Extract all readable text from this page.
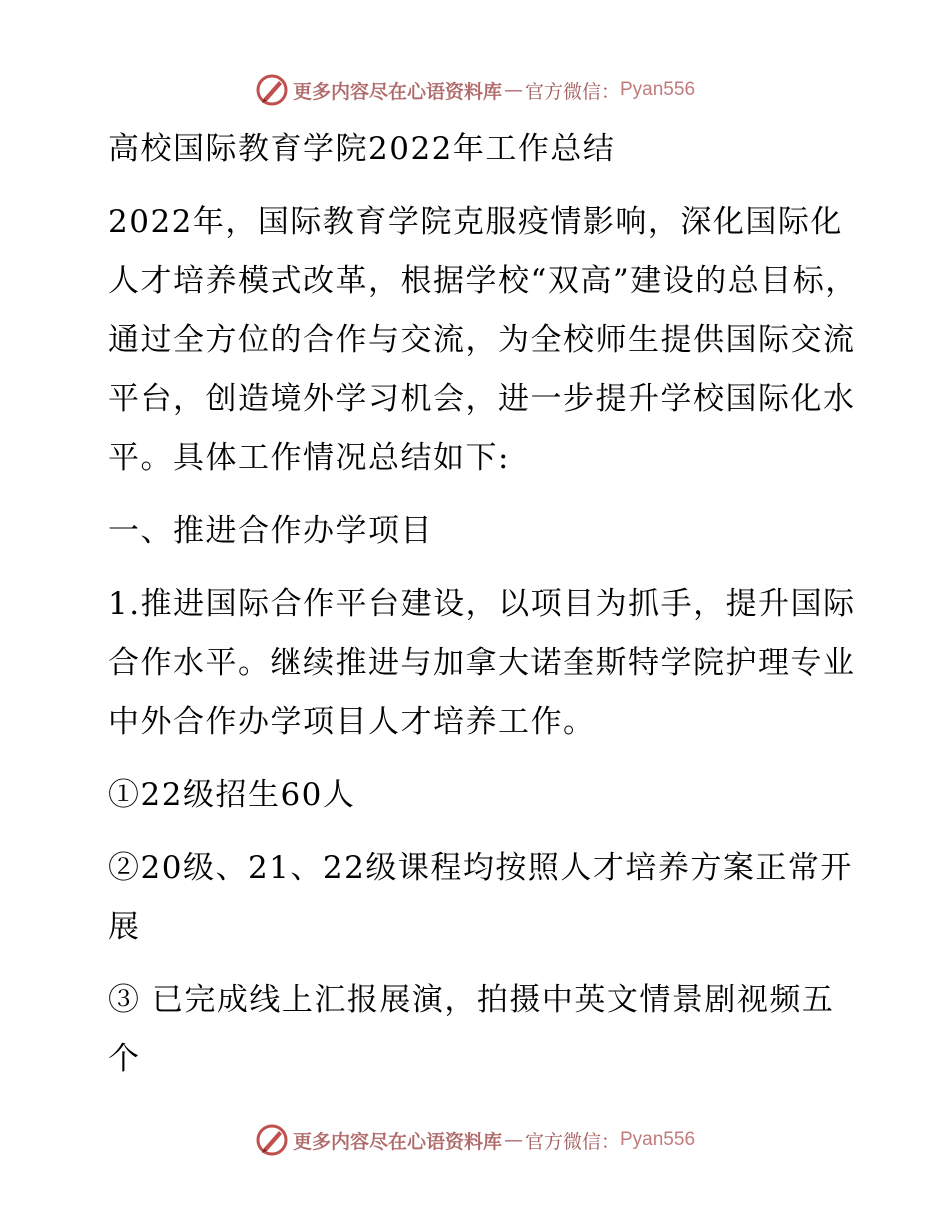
更多内容尽在心语资料库 — 官方微信： Pyan556

高校国际教育学院2022年工作总结

2022年，国际教育学院克服疫情影响，深化国际化人才培养模式改革，根据学校“双高”建设的总目标，通过全方位的合作与交流，为全校师生提供国际交流平台，创造境外学习机会，进一步提升学校国际化水平。具体工作情况总结如下:

一、推进合作办学项目

1.推进国际合作平台建设，以项目为抓手，提升国际合作水平。继续推进与加拿大诺奎斯特学院护理专业中外合作办学项目人才培养工作。

①22级招生60人

②20级、21、22级课程均按照人才培养方案正常开展

③ 已完成线上汇报展演，拍摄中英文情景剧视频五个

更多内容尽在心语资料库 — 官方微信： Pyan556
